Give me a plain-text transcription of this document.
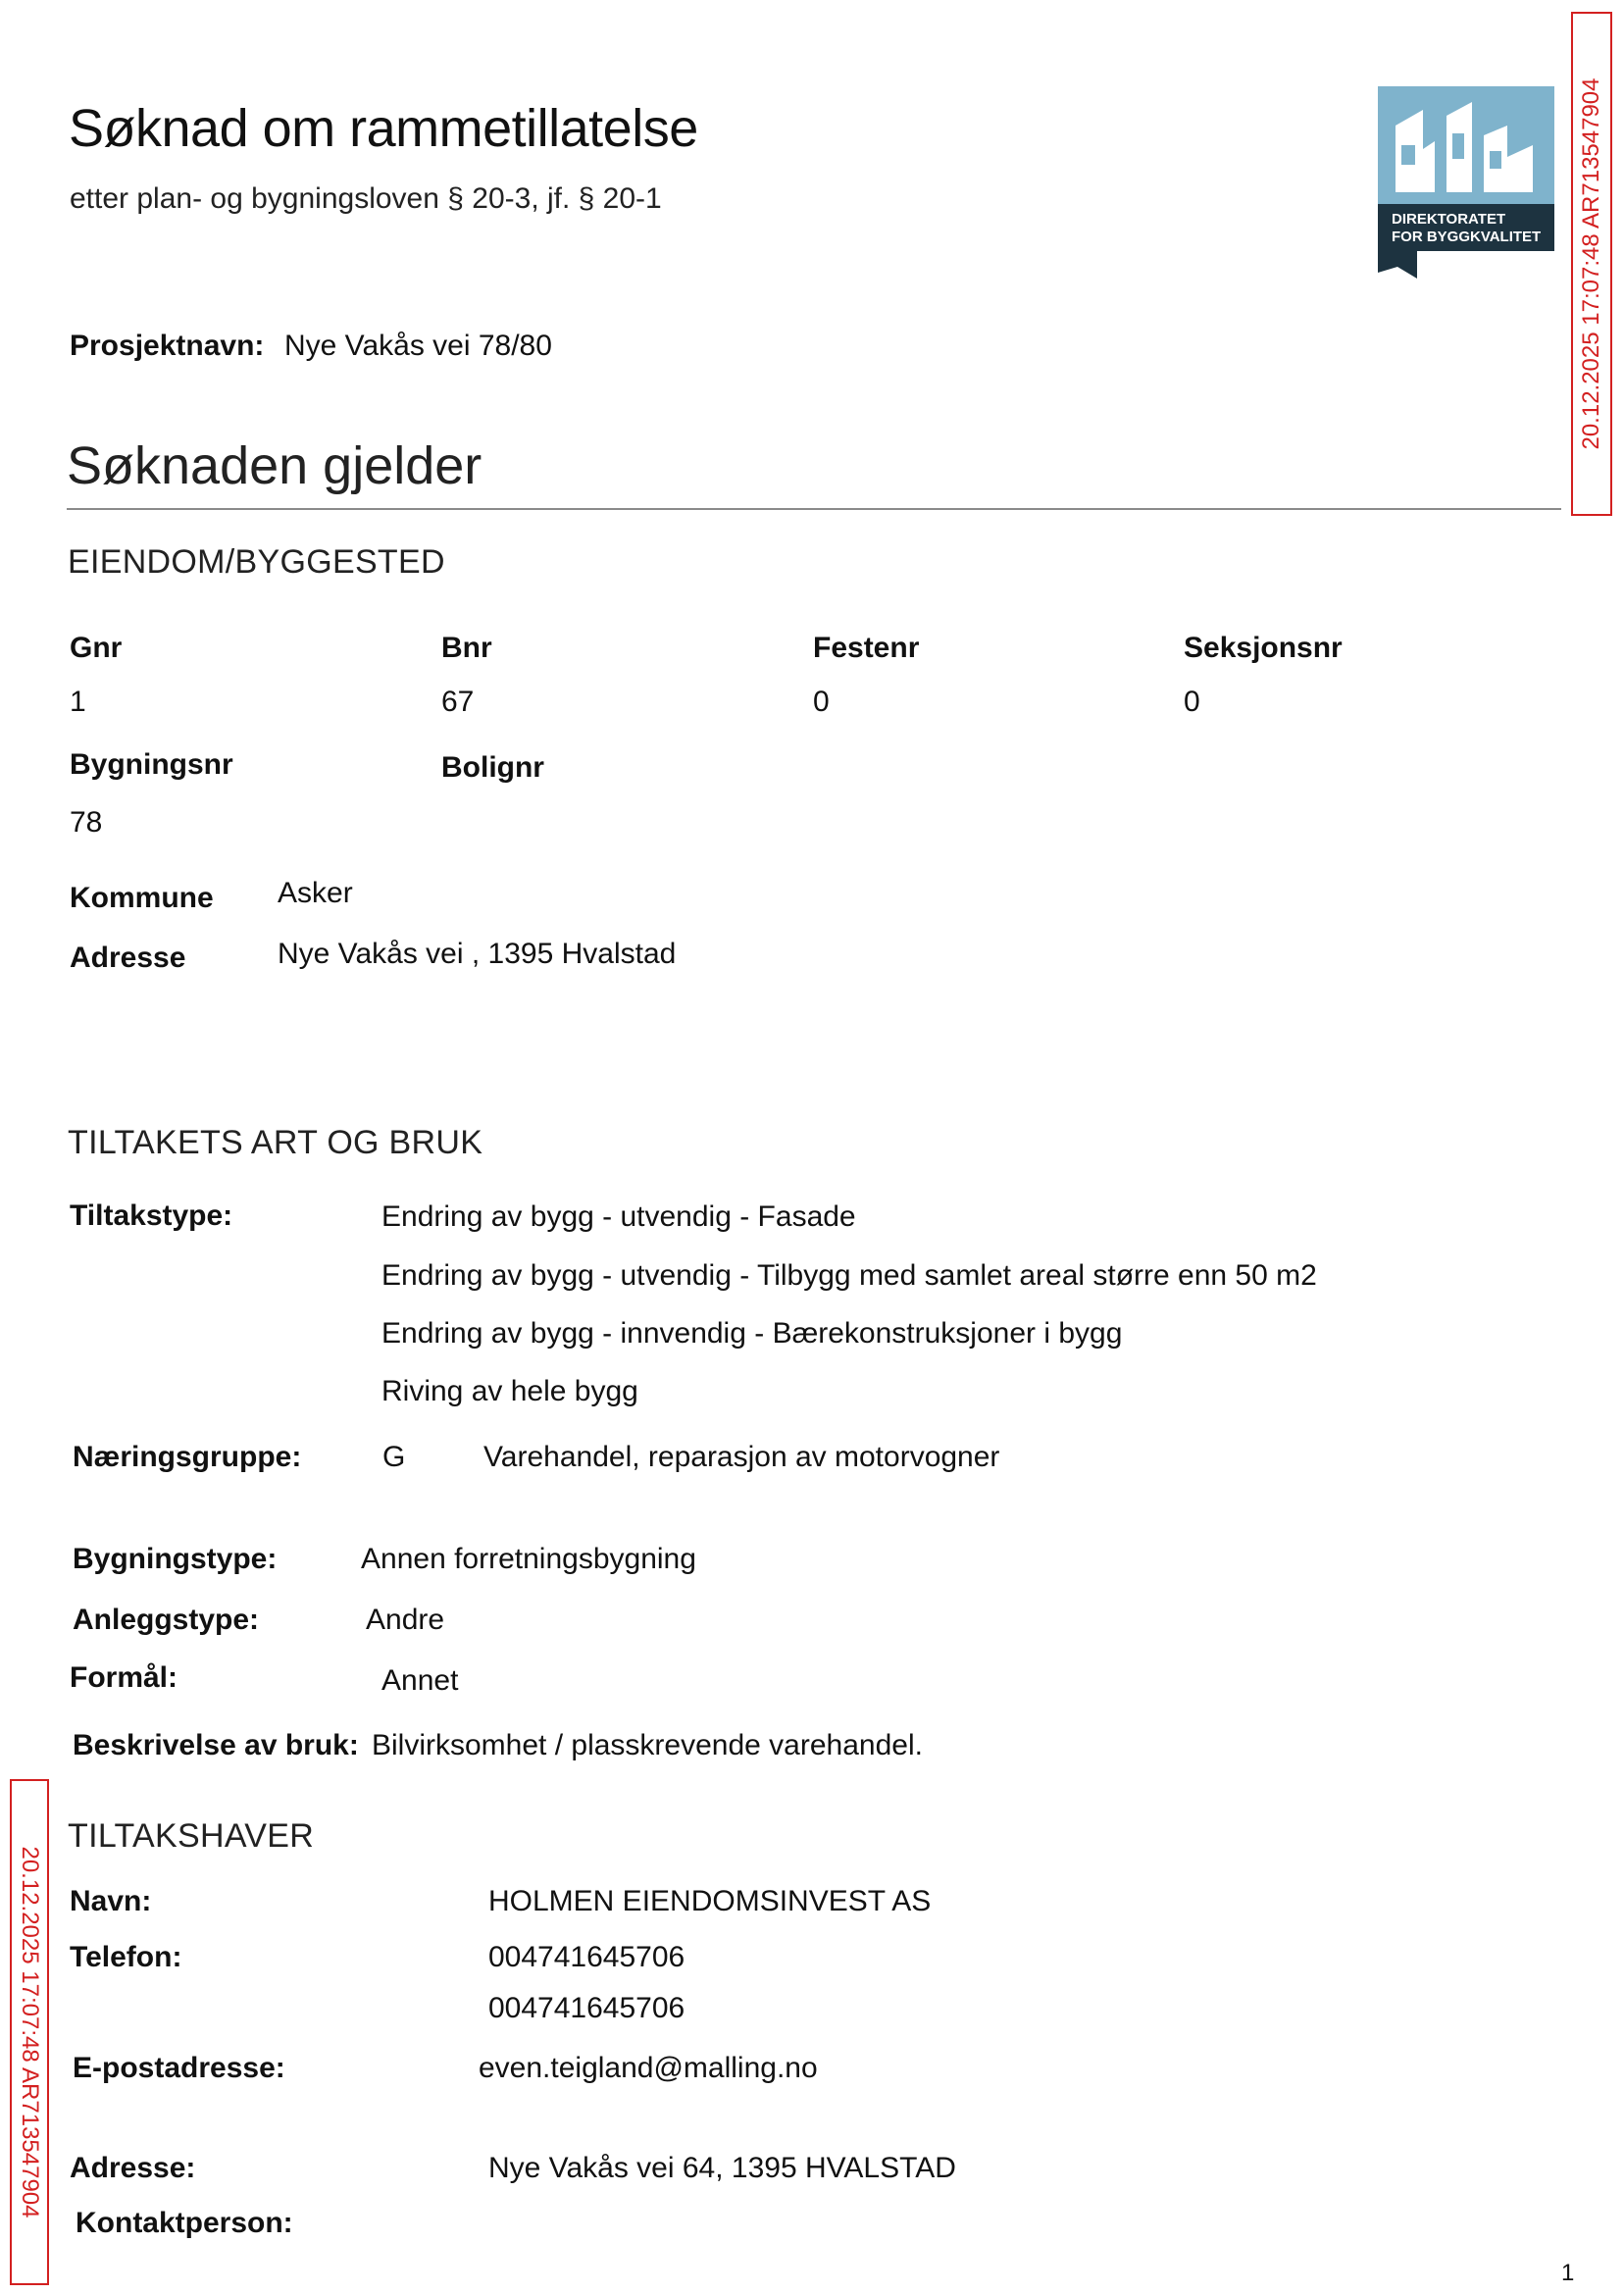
Søknad om rammetillatelse
etter plan- og bygningsloven § 20-3, jf. § 20-1
DIREKTORATET
FOR BYGGKVALITET 20.12.2025 17:07:48 AR713547904
Prosjektnavn: Nye Vakås vei 78/80
Søknaden gjelder
EIENDOM/BYGGESTED
Gnr	Bnr	Festenr	Seksjonsnr
1	67	0	0
Bygningsnr	Bolignr
78
Kommune Asker
Adresse	Nye Vakås vei , 1395 Hvalstad
TILTAKETS ART OG BRUK
Tiltakstype:	Endring av bygg - utvendig - Fasade
Endring av bygg - utvendig - Tilbygg med samlet areal større enn 50 m2
Endring av bygg - innvendig - Bærekonstruksjoner i bygg
Riving av hele bygg
Næringsgruppe:	G	Varehandel, reparasjon av motorvogner
Bygningstype:	Annen forretningsbygning
Anleggstype:	Andre
Formål:	Annet
Beskrivelse av bruk: Bilvirksomhet / plasskrevende varehandel.
20.12.2025 17:07:48 AR713547904
TILTAKSHAVER
Navn:	HOLMEN EIENDOMSINVEST AS
Telefon:	004741645706
004741645706
E-postadresse:	even.teigland@malling.no
Adresse:	Nye Vakås vei 64, 1395 HVALSTAD
Kontaktperson:
1
